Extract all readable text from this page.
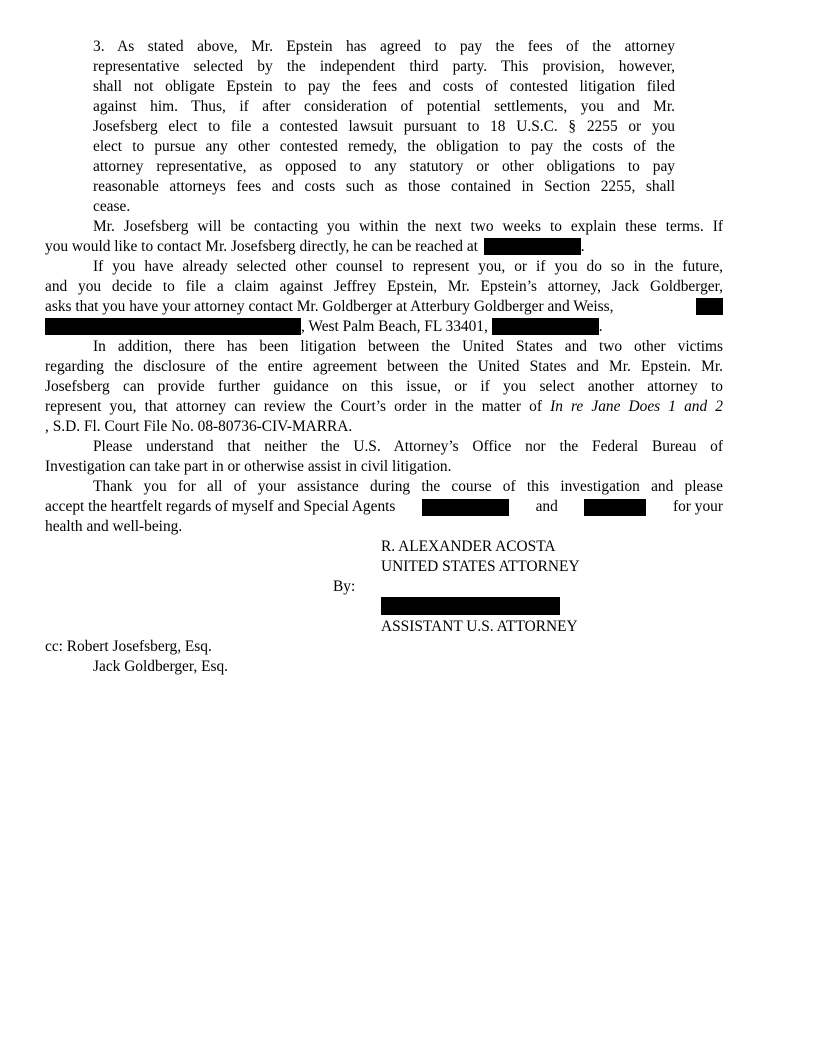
3. As stated above, Mr. Epstein has agreed to pay the fees of the attorney
representative selected by the independent third party. This provision, however,
shall not obligate Epstein to pay the fees and costs of contested litigation filed
against him. Thus, if after consideration of potential settlements, you and Mr.
Josefsberg elect to file a contested lawsuit pursuant to 18 U.S.C. § 2255 or you
elect to pursue any other contested remedy, the obligation to pay the costs of the
attorney representative, as opposed to any statutory or other obligations to pay
reasonable attorneys fees and costs such as those contained in Section 2255, shall
cease.
Mr. Josefsberg will be contacting you within the next two weeks to explain these terms. If
you would like to contact Mr. Josefsberg directly, he can be reached at	.
If you have already selected other counsel to represent you, or if you do so in the future,
and you decide to file a claim against Jeffrey Epstein, Mr. Epstein’s attorney, Jack Goldberger,
asks that you have your attorney contact Mr. Goldberger at Atterbury Goldberger and Weiss,
, West Palm Beach, FL 33401,	.
In addition, there has been litigation between the United States and two other victims
regarding the disclosure of the entire agreement between the United States and Mr. Epstein. Mr.
Josefsberg can provide further guidance on this issue, or if you select another attorney to
represent you, that attorney can review the Court’s order in the matter of In re Jane Does 1 and 2
, S.D. Fl. Court File No. 08-80736-CIV-MARRA.
Please understand that neither the U.S. Attorney’s Office nor the Federal Bureau of
Investigation can take part in or otherwise assist in civil litigation.
Thank you for all of your assistance during the course of this investigation and please
accept the heartfelt regards of myself and Special Agents	and	for your
health and well-being.
R. ALEXANDER ACOSTA
UNITED STATES ATTORNEY
By:
ASSISTANT U.S. ATTORNEY
cc: Robert Josefsberg, Esq.
Jack Goldberger, Esq.
